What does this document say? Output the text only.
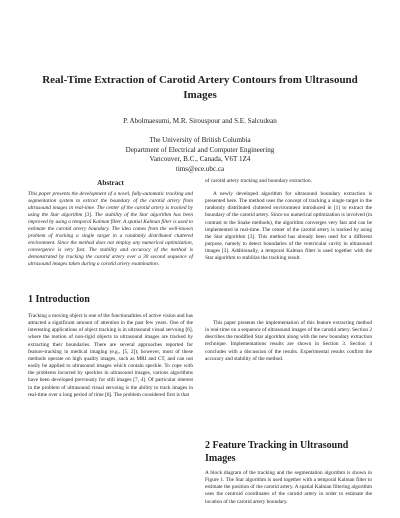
Real-Time Extraction of Carotid Artery Contours from Ultrasound Images
P. Abolmaesumi, M.R. Sirouspour and S.E. Salcudean
The University of British Columbia
Department of Electrical and Computer Engineering
Vancouver, B.C., Canada, V6T 1Z4
tims@ece.ubc.ca
Abstract

This paper presents the development of a novel, fully-automatic tracking and segmentation system to extract the boundary of the carotid artery from ultrasound images in real-time. The center of the carotid artery is tracked by using the Star algorithm [3]. The stability of the Star algorithm has been improved by using a temporal Kalman filter. A spatial Kalman filter is used to estimate the carotid artery boundary. The idea comes from the well-known problem of tracking a single target in a randomly distributed cluttered environment. Since the method does not employ any numerical optimization, convergence is very fast. The stability and accuracy of the method is demonstrated by tracking the carotid artery over a 30 second sequence of ultrasound images taken during a carotid artery examination.

1 Introduction

Tracking a moving object is one of the functionalities of active vision and has attracted a significant amount of attention in the past few years. One of the interesting applications of object tracking is in ultrasound visual servoing [6], where the motion of non-rigid objects in ultrasound images are tracked by extracting their boundaries. There are several approaches reported for feature-tracking in medical imaging (e.g., [5, 2]); however, most of these methods operate on high quality images, such as MRI and CT, and can not easily be applied to ultrasound images which contain speckle. To cope with the problems incurred by speckles in ultrasound images, various algorithms have been developed previously for still images [7, 4]. Of particular interest in the problem of ultrasound visual servoing is the ability to track images in real-time over a long period of time [6]. The problem considered first is that

of carotid artery tracking and boundary extraction.

A newly developed algorithm for ultrasound boundary extraction is presented here. The method uses the concept of tracking a single target in the randomly distributed cluttered environment introduced in [1] to extract the boundary of the carotid artery. Since no numerical optimization is involved (in contrast to the Snake methods), the algorithm converges very fast and can be implemented in real-time. The center of the carotid artery is tracked by using the Star algorithm [3]. This method has already been used for a different purpose, namely to detect boundaries of the ventricular cavity in ultrasound images [3]. Additionally, a temporal Kalman filter is used together with the Star algorithm to stabilize the tracking result.

This paper presents the implementation of this feature extracting method in real-time on a sequence of ultrasound images of the carotid artery. Section 2 describes the modified Star algorithm along with the new boundary extraction technique. Implementations results are shown in Section 3. Section 4 concludes with a discussion of the results. Experimental results confirm the accuracy and stability of the method.

2 Feature Tracking in Ultrasound Images

A block diagram of the tracking and the segmentation algorithm is shown in Figure 1. The Star algorithm is used together with a temporal Kalman filter to estimate the position of the carotid artery. A spatial Kalman filtering algorithm uses the centroid coordinates of the carotid artery in order to estimate the location of the carotid artery boundary.
